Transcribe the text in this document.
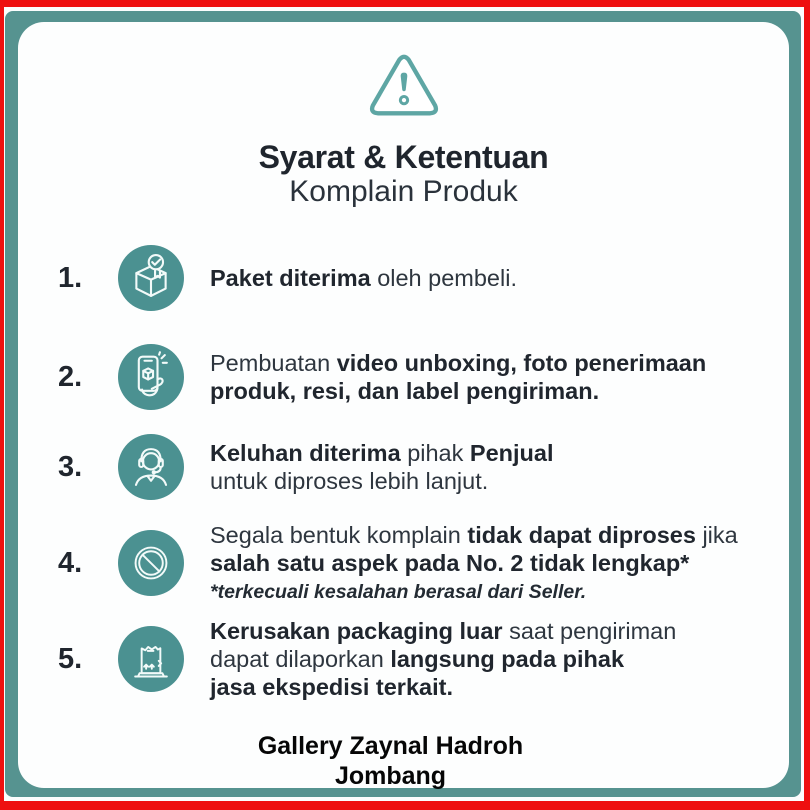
Syarat & Ketentuan
Komplain Produk
1.	Paket diterima oleh pembeli.
2.	Pembuatan video unboxing, foto penerimaan
produk, resi, dan label pengiriman.
3.	Keluhan diterima pihak Penjual
untuk diproses lebih lanjut.
4.
Segala bentuk komplain tidak dapat diproses jika
salah satu aspek pada No. 2 tidak lengkap*
*terkecuali kesalahan berasal dari Seller.
5.
Kerusakan packaging luar saat pengiriman
dapat dilaporkan langsung pada pihak
jasa ekspedisi terkait.
Gallery Zaynal Hadroh
Jombang
